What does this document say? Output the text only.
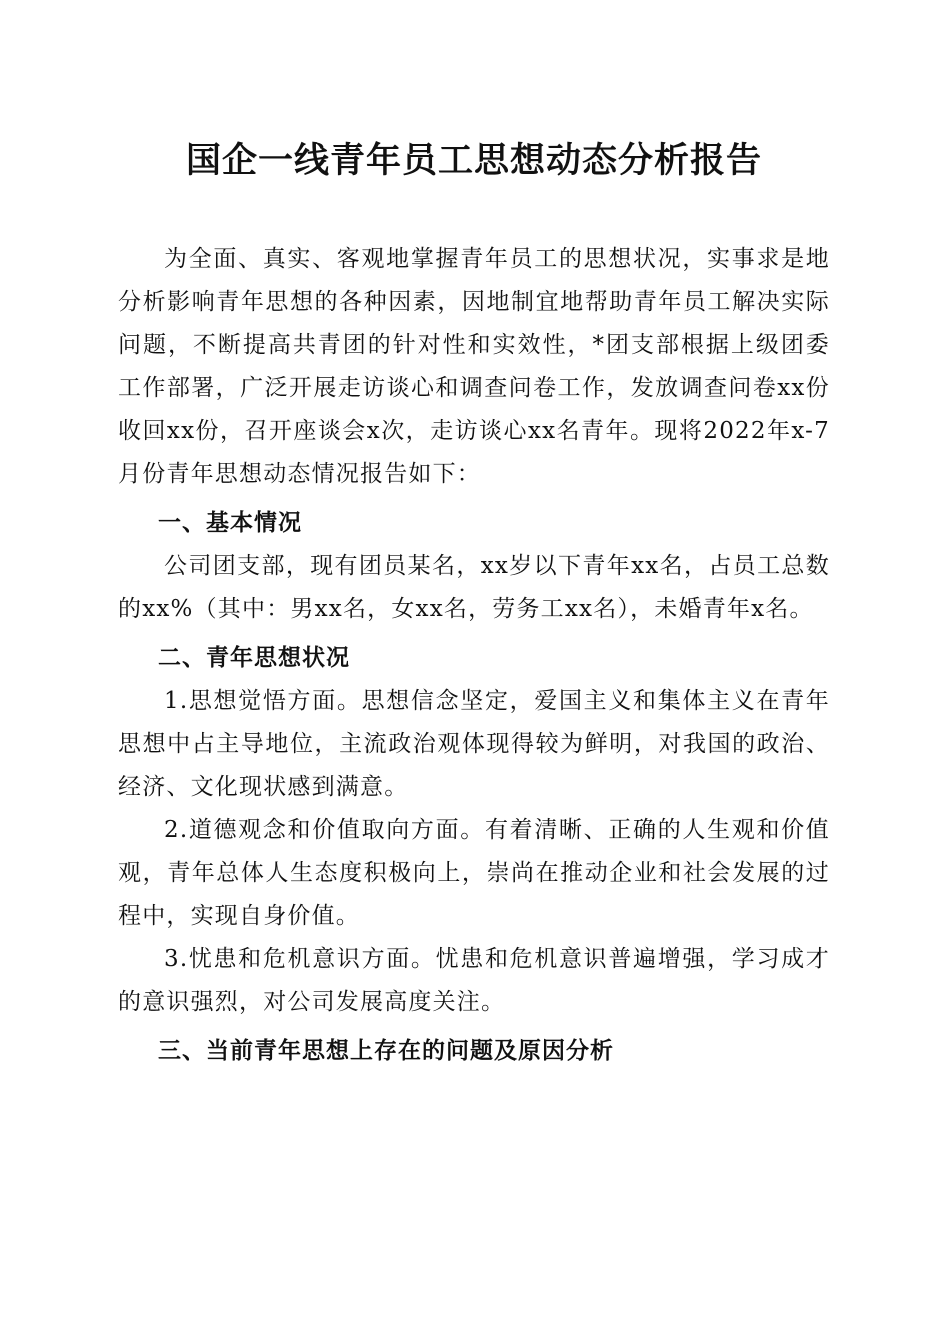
国企一线青年员工思想动态分析报告

为全面、真实、客观地掌握青年员工的思想状况，实事求是地分析影响青年思想的各种因素，因地制宜地帮助青年员工解决实际问题，不断提高共青团的针对性和实效性，*团支部根据上级团委工作部署，广泛开展走访谈心和调查问卷工作，发放调查问卷xx份收回xx份，召开座谈会x次，走访谈心xx名青年。现将2022年x-7月份青年思想动态情况报告如下：

一、基本情况

公司团支部，现有团员某名，xx岁以下青年xx名，占员工总数的xx%（其中：男xx名，女xx名，劳务工xx名），未婚青年x名。

二、青年思想状况

1.思想觉悟方面。思想信念坚定，爱国主义和集体主义在青年思想中占主导地位，主流政治观体现得较为鲜明，对我国的政治、经济、文化现状感到满意。

2.道德观念和价值取向方面。有着清晰、正确的人生观和价值观，青年总体人生态度积极向上，崇尚在推动企业和社会发展的过程中，实现自身价值。

3.忧患和危机意识方面。忧患和危机意识普遍增强，学习成才的意识强烈，对公司发展高度关注。

三、当前青年思想上存在的问题及原因分析
